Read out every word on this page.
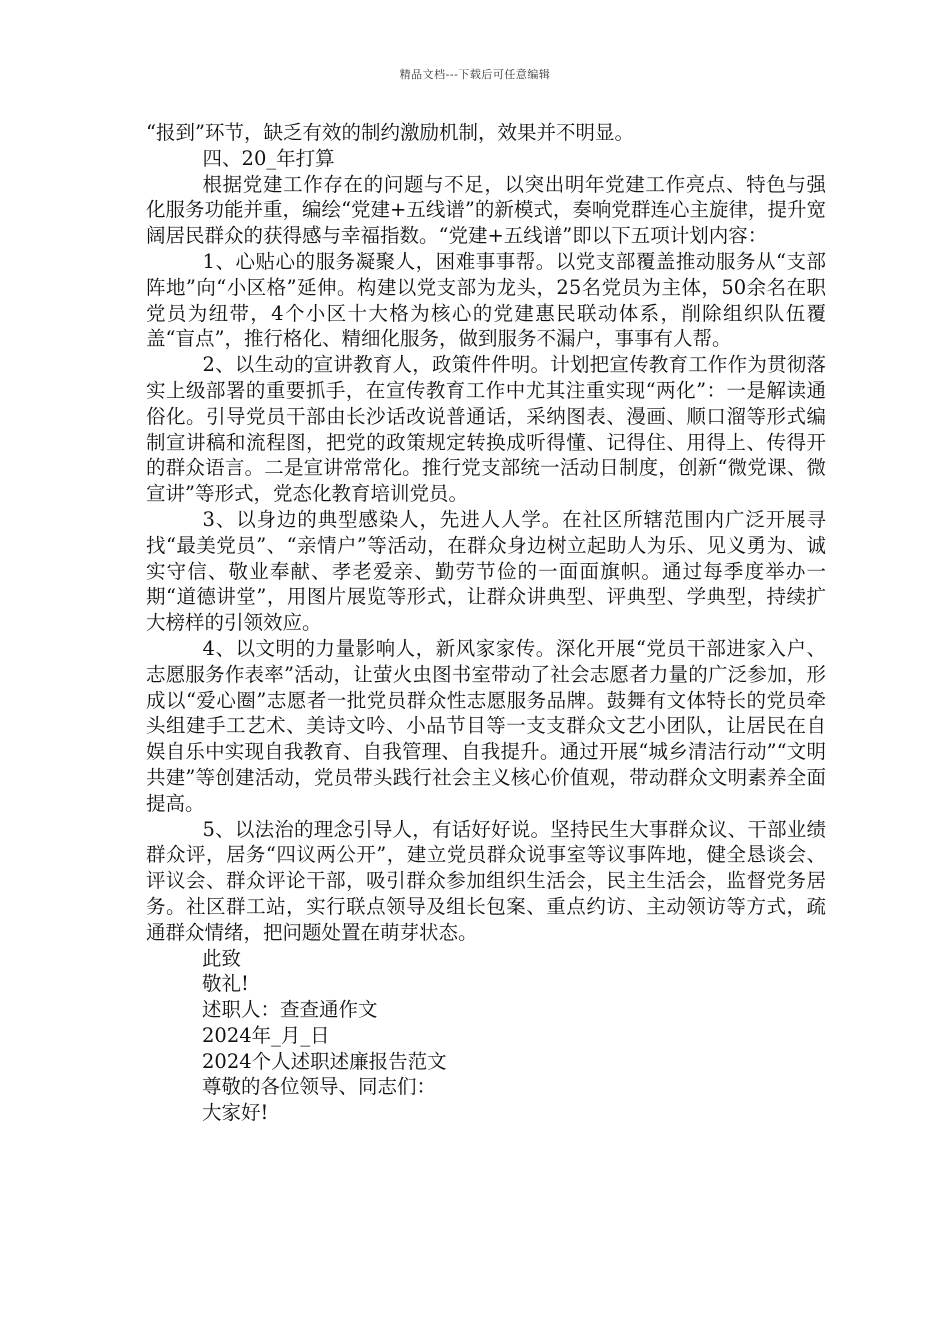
精品文档---下载后可任意编辑

“报到”环节，缺乏有效的制约激励机制，效果并不明显。

四、20_年打算

根据党建工作存在的问题与不足，以突出明年党建工作亮点、特色与强化服务功能并重，编绘“党建+五线谱”的新模式，奏响党群连心主旋律，提升宽阔居民群众的获得感与幸福指数。“党建+五线谱”即以下五项计划内容：

1、心贴心的服务凝聚人，困难事事帮。以党支部覆盖推动服务从“支部阵地”向“小区格”延伸。构建以党支部为龙头，25名党员为主体，50余名在职党员为纽带，4个小区十大格为核心的党建惠民联动体系，削除组织队伍覆盖“盲点”，推行格化、精细化服务，做到服务不漏户，事事有人帮。

2、以生动的宣讲教育人，政策件件明。计划把宣传教育工作作为贯彻落实上级部署的重要抓手，在宣传教育工作中尤其注重实现“两化”：一是解读通俗化。引导党员干部由长沙话改说普通话，采纳图表、漫画、顺口溜等形式编制宣讲稿和流程图，把党的政策规定转换成听得懂、记得住、用得上、传得开的群众语言。二是宣讲常常化。推行党支部统一活动日制度，创新“微党课、微宣讲”等形式，党态化教育培训党员。

3、以身边的典型感染人，先进人人学。在社区所辖范围内广泛开展寻找“最美党员”、“亲情户”等活动，在群众身边树立起助人为乐、见义勇为、诚实守信、敬业奉献、孝老爱亲、勤劳节俭的一面面旗帜。通过每季度举办一期“道德讲堂”，用图片展览等形式，让群众讲典型、评典型、学典型，持续扩大榜样的引领效应。

4、以文明的力量影响人，新风家家传。深化开展“党员干部进家入户、志愿服务作表率”活动，让萤火虫图书室带动了社会志愿者力量的广泛参加，形成以“爱心圈”志愿者一批党员群众性志愿服务品牌。鼓舞有文体特长的党员牵头组建手工艺术、美诗文吟、小品节目等一支支群众文艺小团队，让居民在自娱自乐中实现自我教育、自我管理、自我提升。通过开展“城乡清洁行动”“文明共建”等创建活动，党员带头践行社会主义核心价值观，带动群众文明素养全面提高。

5、以法治的理念引导人，有话好好说。坚持民生大事群众议、干部业绩群众评，居务“四议两公开”，建立党员群众说事室等议事阵地，健全恳谈会、评议会、群众评论干部，吸引群众参加组织生活会，民主生活会，监督党务居务。社区群工站，实行联点领导及组长包案、重点约访、主动领访等方式，疏通群众情绪，把问题处置在萌芽状态。

此致

敬礼!

述职人：查查通作文

2024年_月_日

2024个人述职述廉报告范文

尊敬的各位领导、同志们：

大家好!
